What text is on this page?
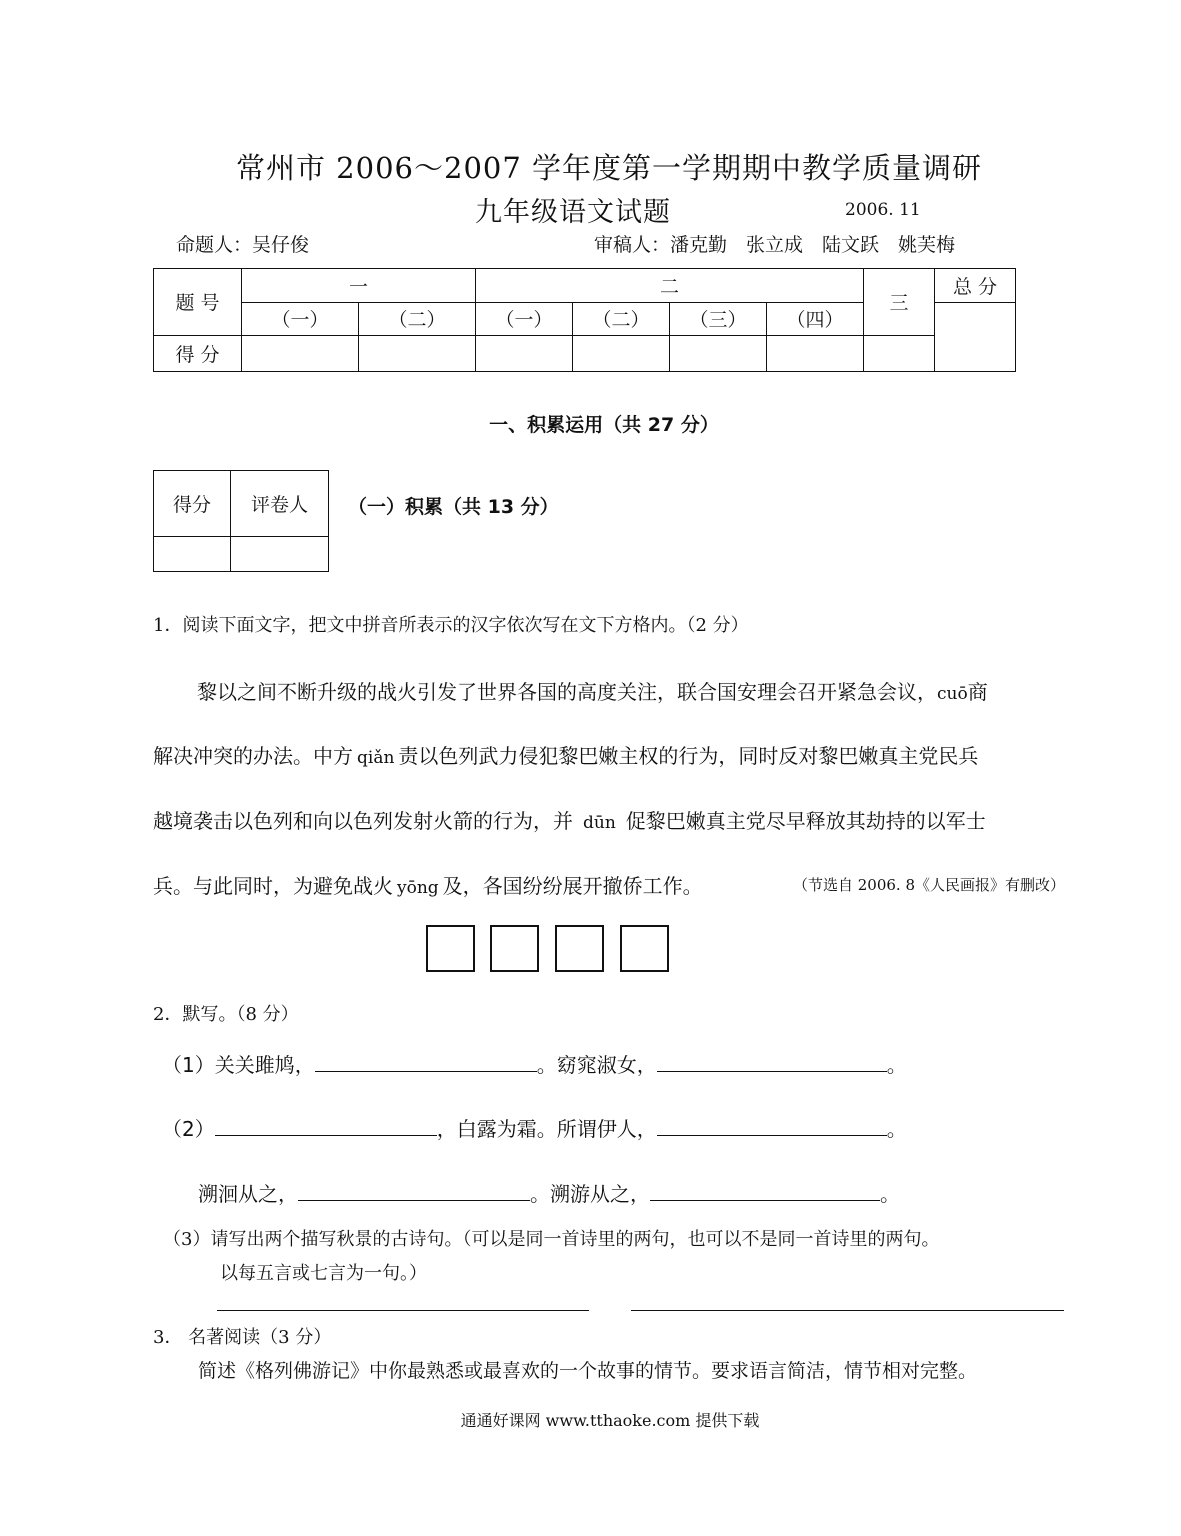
常州市 2006～2007 学年度第一学期期中教学质量调研
九年级语文试题	2006. 11
命题人：吴仔俊	审稿人：潘克勤　张立成　陆文跃　姚芙梅
题 号	一		二				三	总 分
	（一）	（二）	（一）	（二）	（三）	（四）		
得 分								
一、积累运用（共 27 分）
得分	评卷人
	（一）积累（共 13 分）
1．阅读下面文字，把文中拼音所表示的汉字依次写在文下方格内。（2 分）
黎以之间不断升级的战火引发了世界各国的高度关注，联合国安理会召开紧急会议，cuō商
解决冲突的办法。中方 qiǎn 责以色列武力侵犯黎巴嫩主权的行为，同时反对黎巴嫩真主党民兵
越境袭击以色列和向以色列发射火箭的行为，并 dūn 促黎巴嫩真主党尽早释放其劫持的以军士
兵。与此同时，为避免战火 yōng 及，各国纷纷展开撤侨工作。	（节选自 2006. 8《人民画报》有删改）
2．默写。（8 分）
（1）关关雎鸠，	。窈窕淑女，	。
（2）	，白露为霜。所谓伊人，	。
溯洄从之，	。溯游从之，	。
（3）请写出两个描写秋景的古诗句。（可以是同一首诗里的两句，也可以不是同一首诗里的两句。
以每五言或七言为一句。）
3． 名著阅读（3 分）
简述《格列佛游记》中你最熟悉或最喜欢的一个故事的情节。要求语言简洁，情节相对完整。
通通好课网 www.tthaoke.com 提供下载
